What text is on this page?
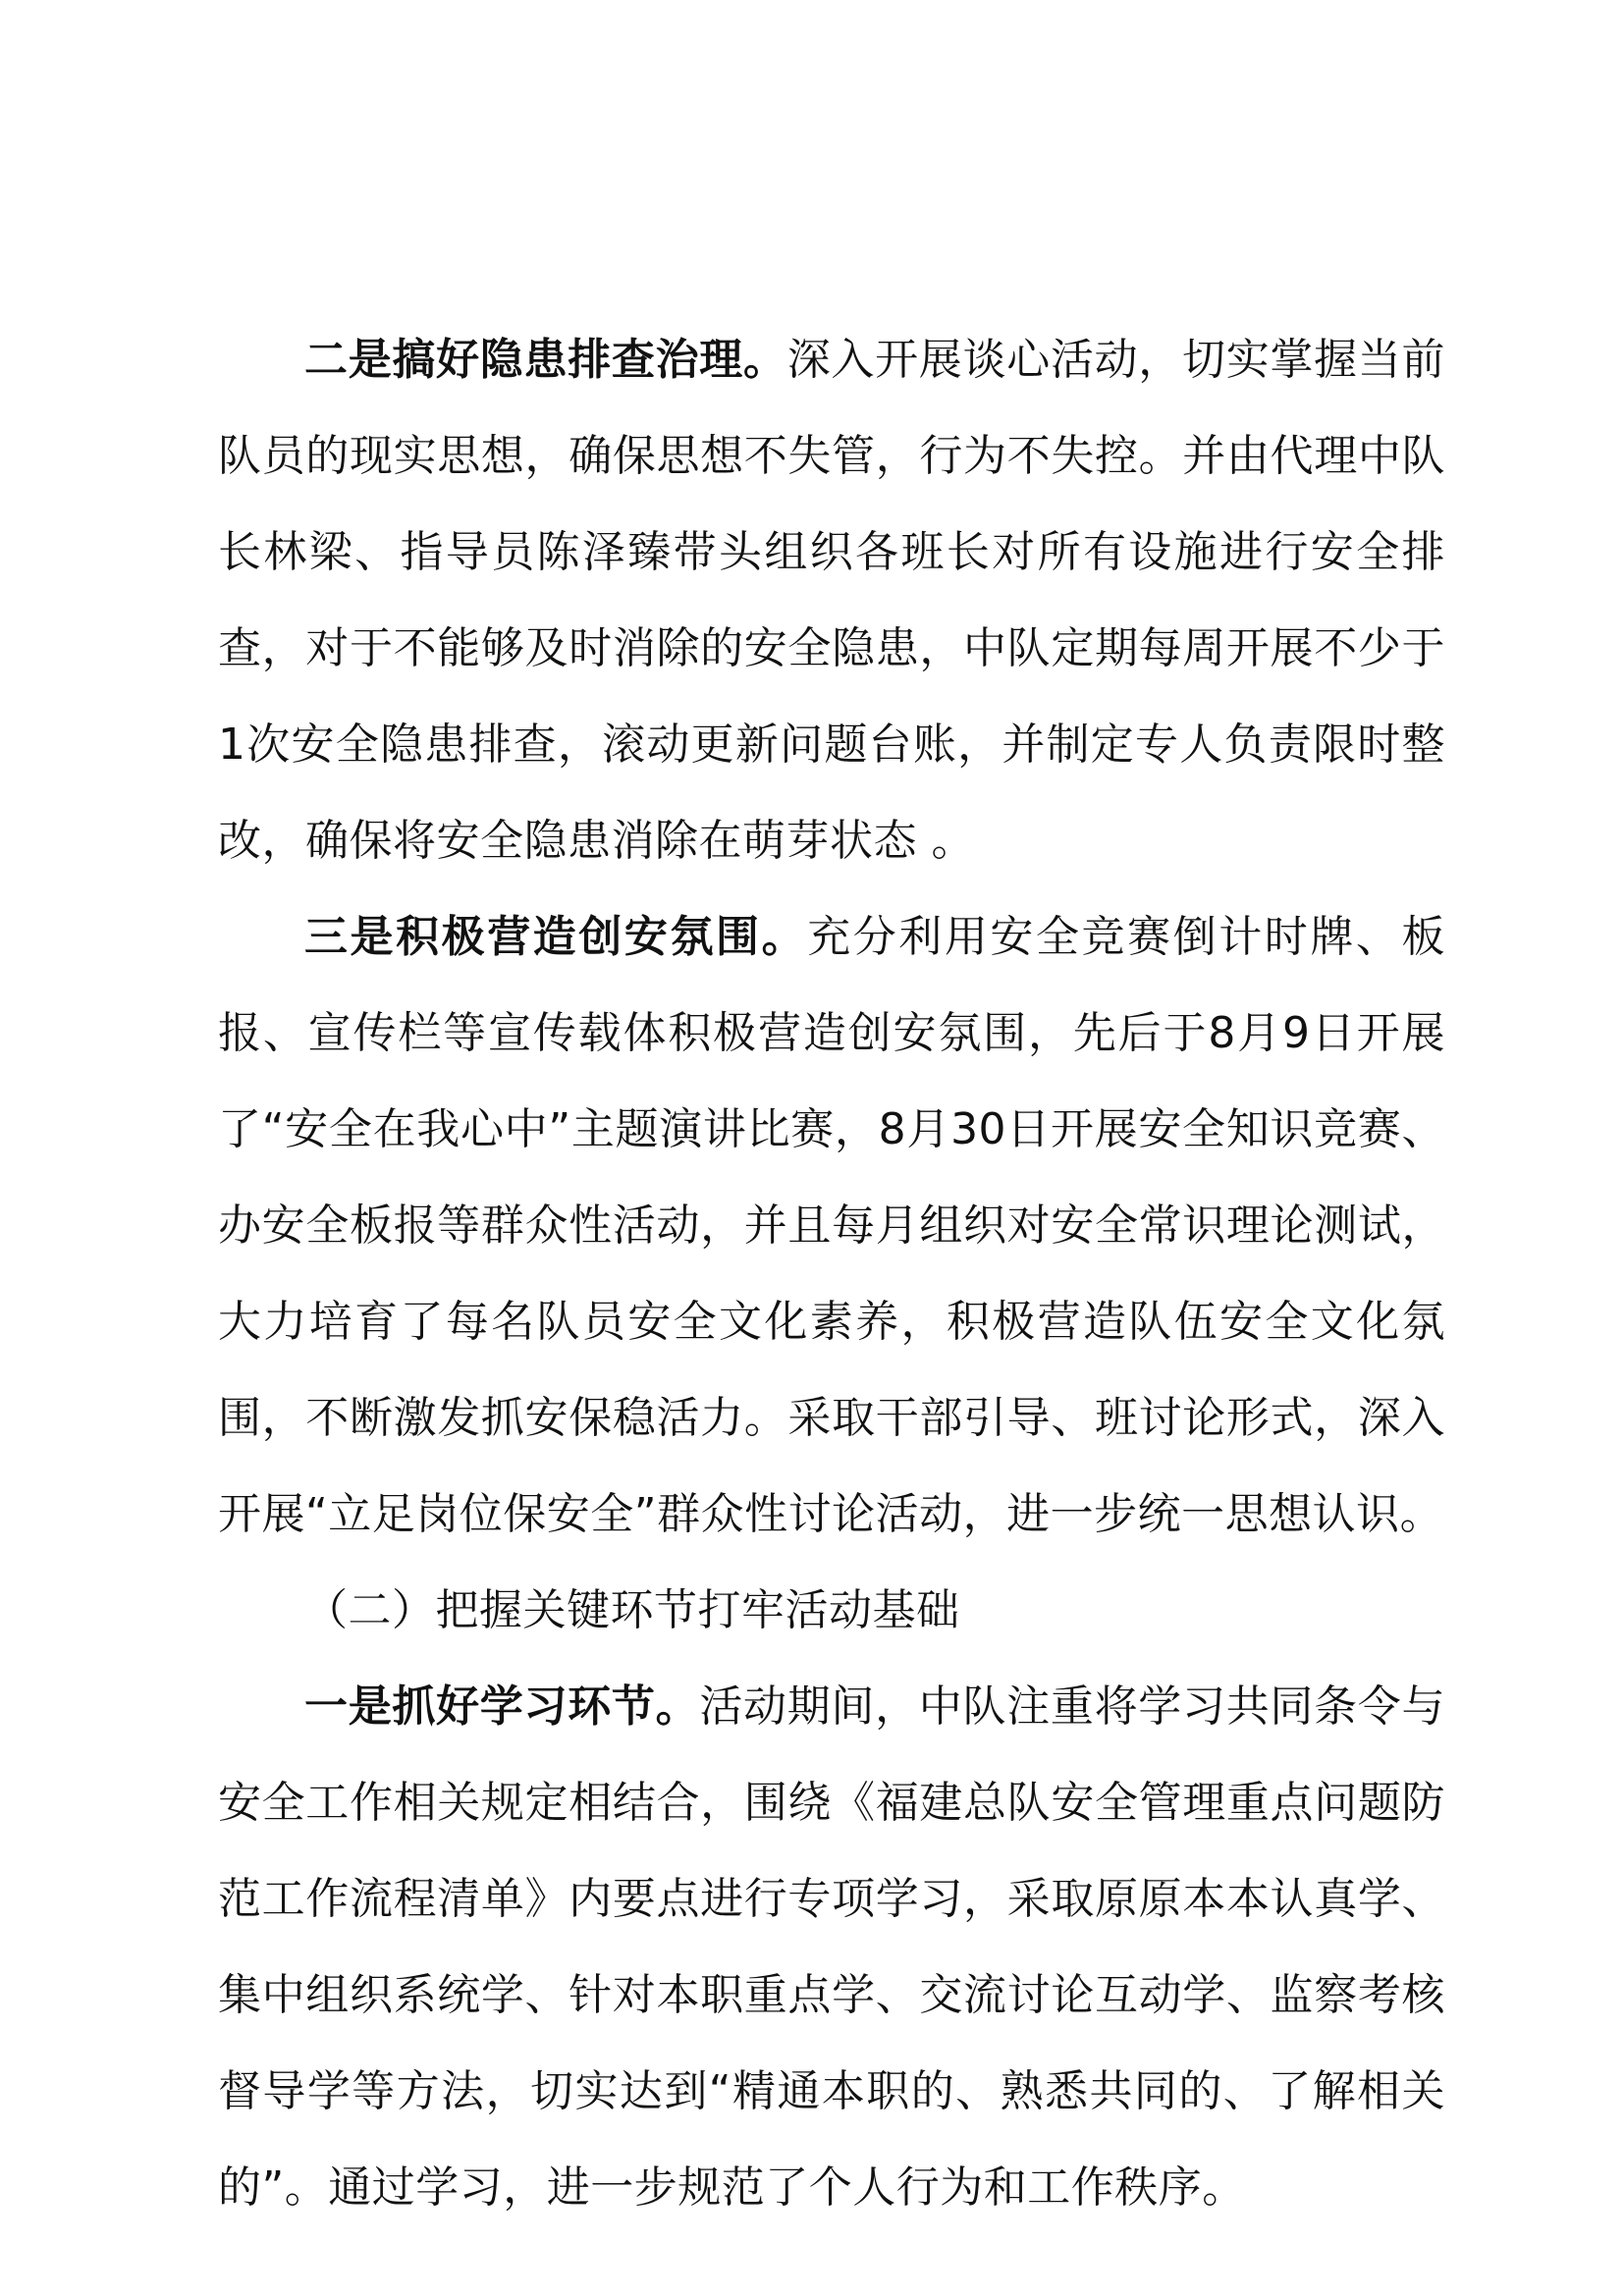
二是搞好隐患排查治理。深入开展谈心活动，切实掌握当前队员的现实思想，确保思想不失管，行为不失控。并由代理中队长林梁、指导员陈泽臻带头组织各班长对所有设施进行安全排查，对于不能够及时消除的安全隐患，中队定期每周开展不少于1次安全隐患排查，滚动更新问题台账，并制定专人负责限时整改，确保将安全隐患消除在萌芽状态 。

三是积极营造创安氛围。充分利用安全竞赛倒计时牌、板报、宣传栏等宣传载体积极营造创安氛围，先后于8月9日开展了“安全在我心中”主题演讲比赛，8月30日开展安全知识竞赛、办安全板报等群众性活动，并且每月组织对安全常识理论测试，大力培育了每名队员安全文化素养，积极营造队伍安全文化氛围，不断激发抓安保稳活力。采取干部引导、班讨论形式，深入开展“立足岗位保安全”群众性讨论活动，进一步统一思想认识。

（二）把握关键环节打牢活动基础

一是抓好学习环节。活动期间，中队注重将学习共同条令与安全工作相关规定相结合，围绕《福建总队安全管理重点问题防范工作流程清单》内要点进行专项学习，采取原原本本认真学、集中组织系统学、针对本职重点学、交流讨论互动学、监察考核督导学等方法，切实达到“精通本职的、熟悉共同的、了解相关的”。通过学习，进一步规范了个人行为和工作秩序。
